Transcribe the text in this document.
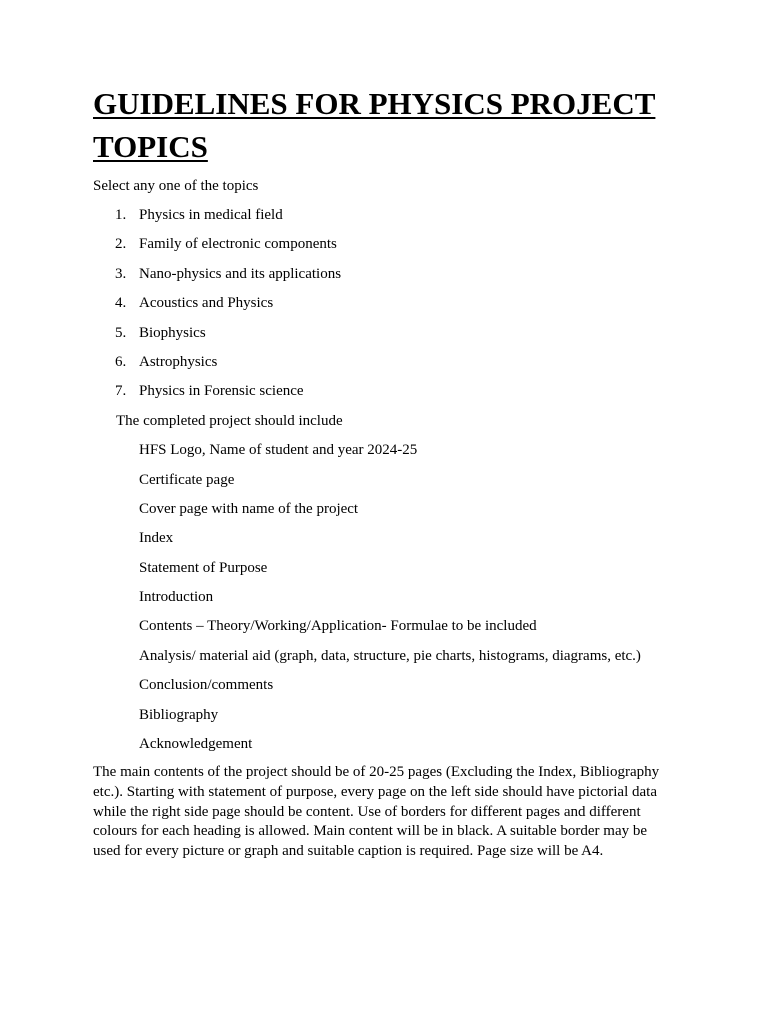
GUIDELINES FOR PHYSICS PROJECT TOPICS

Select any one of the topics

1. Physics in medical field
2. Family of electronic components
3. Nano-physics and its applications
4. Acoustics and Physics
5. Biophysics
6. Astrophysics
7. Physics in Forensic science

The completed project should include

HFS Logo, Name of student and year 2024-25
Certificate page
Cover page with name of the project
Index
Statement of Purpose
Introduction
Contents – Theory/Working/Application- Formulae to be included
Analysis/ material aid (graph, data, structure, pie charts, histograms, diagrams, etc.)
Conclusion/comments
Bibliography
Acknowledgement

The main contents of the project should be of 20-25 pages (Excluding the Index, Bibliography etc.). Starting with statement of purpose, every page on the left side should have pictorial data while the right side page should be content. Use of borders for different pages and different colours for each heading is allowed. Main content will be in black. A suitable border may be used for every picture or graph and suitable caption is required. Page size will be A4.
